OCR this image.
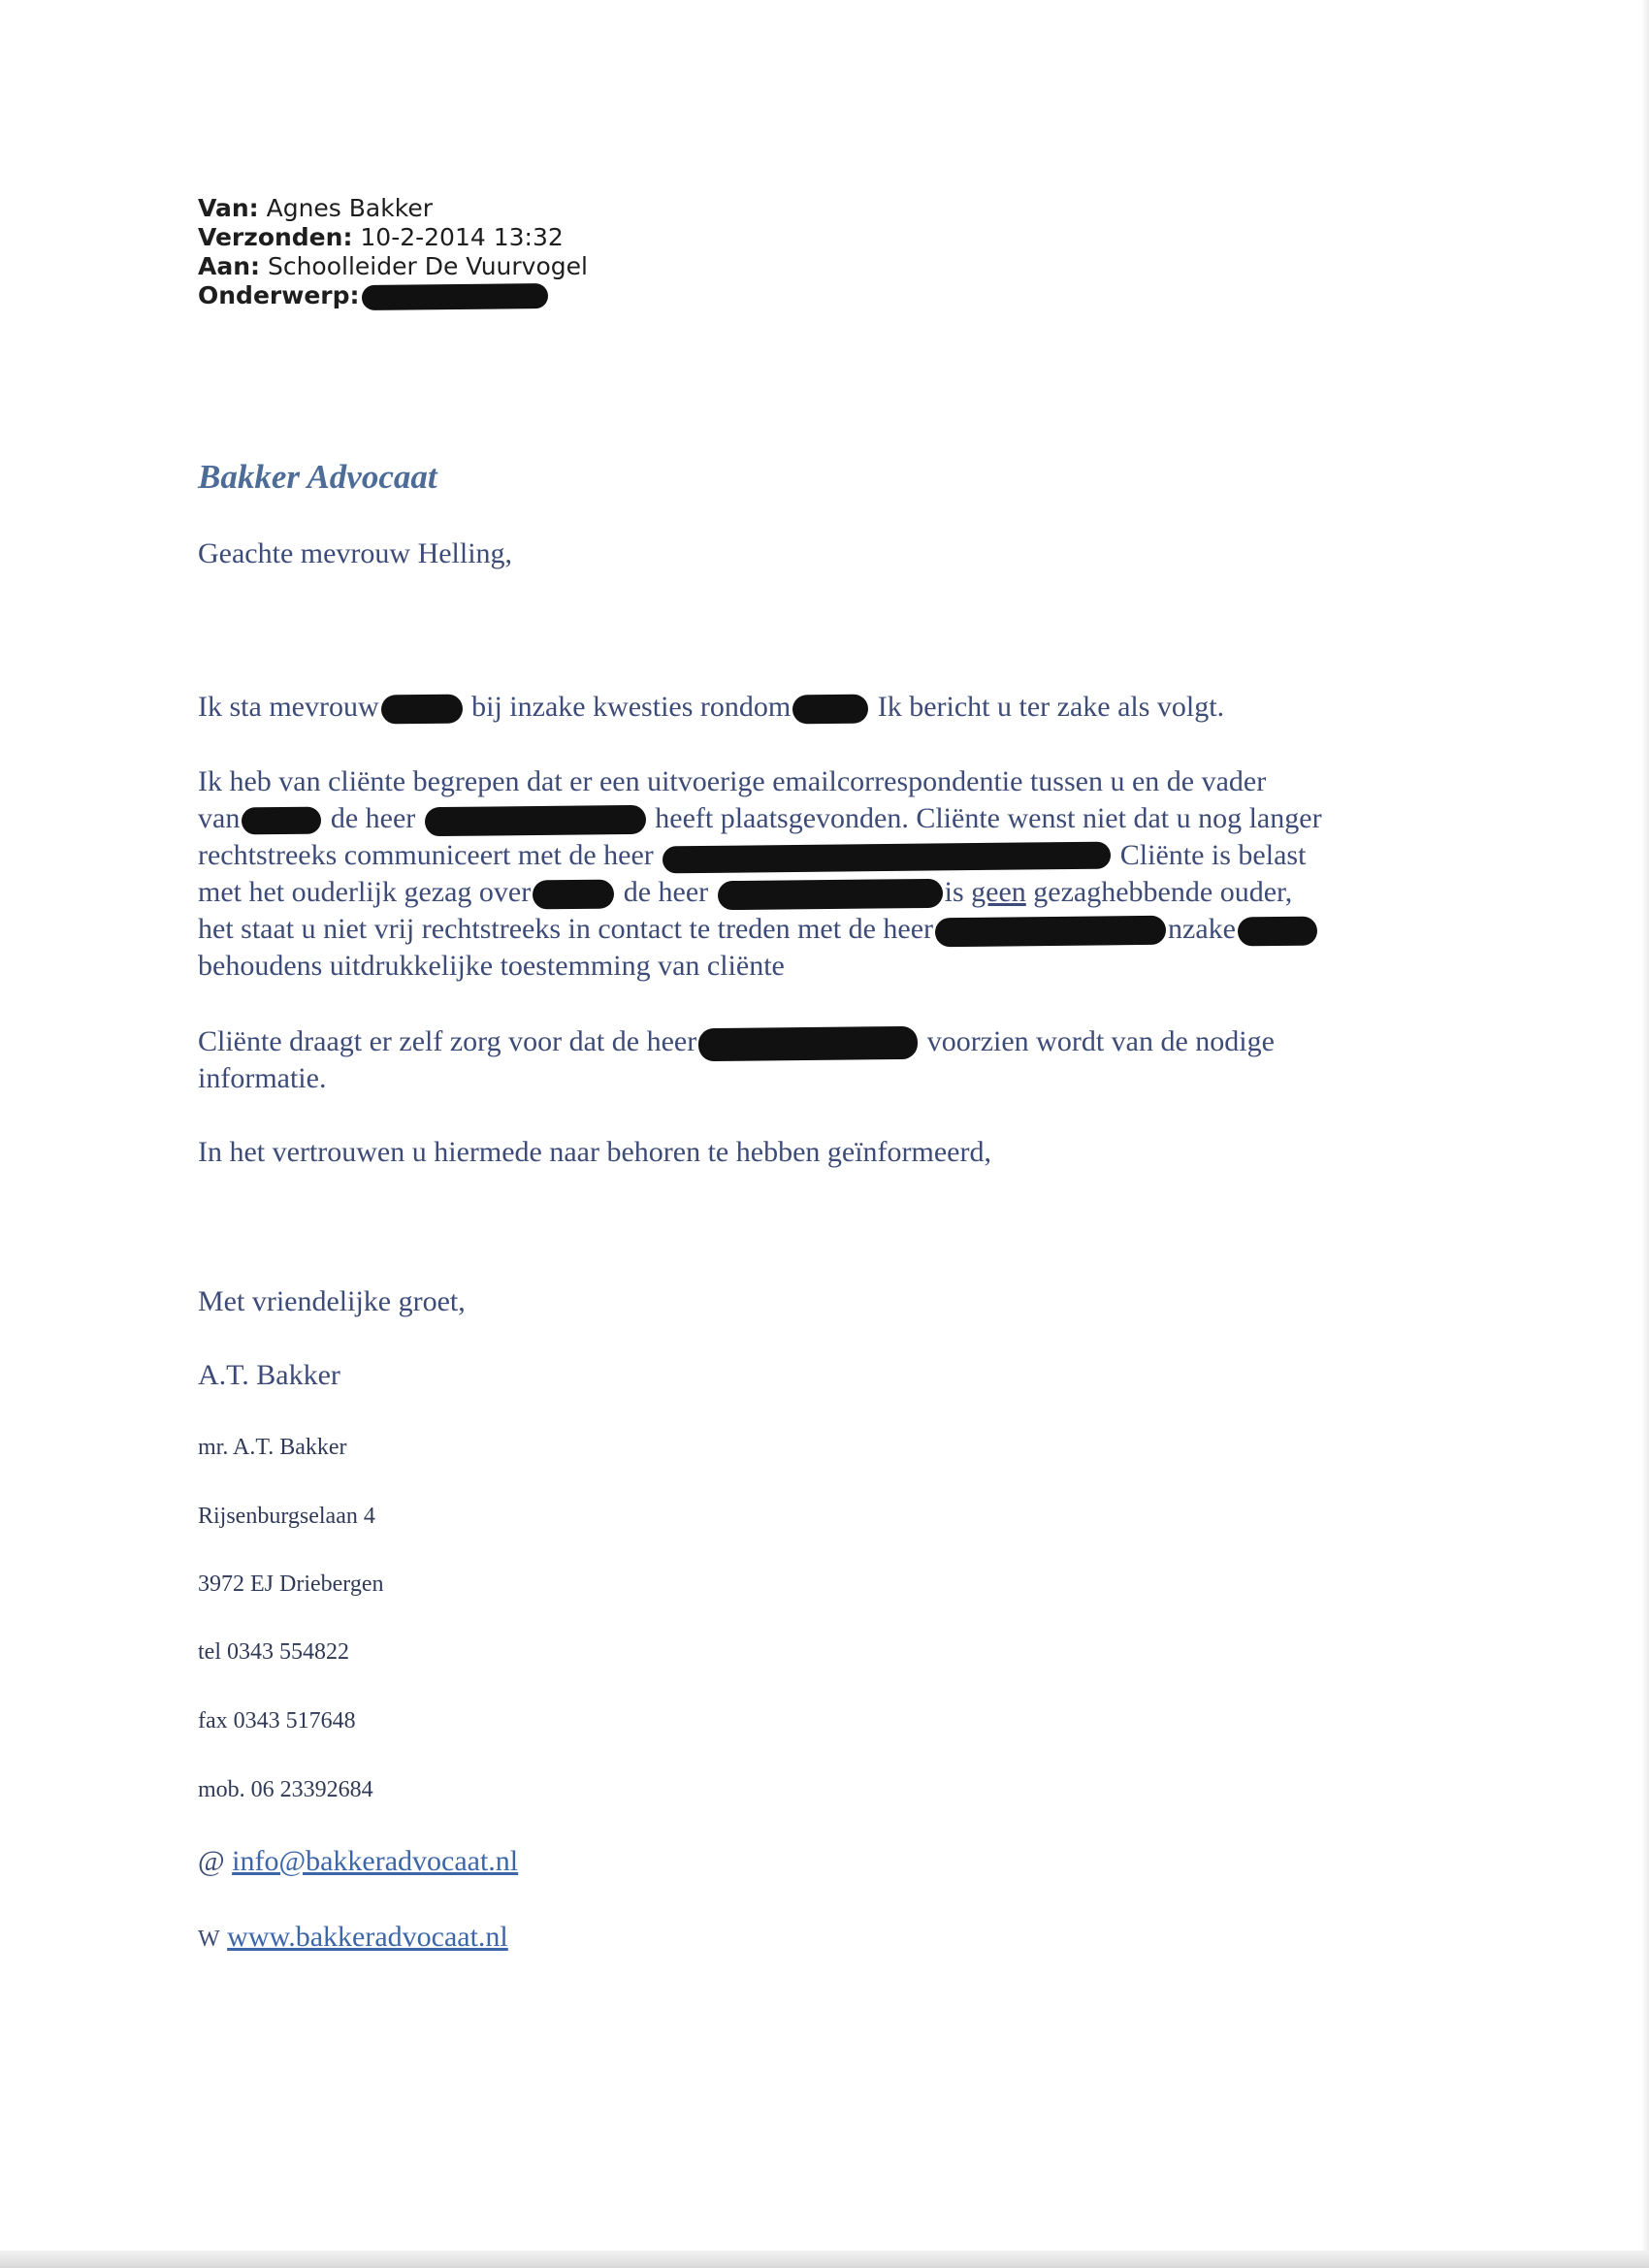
Van: Agnes Bakker
Verzonden: 10-2-2014 13:32
Aan: Schoolleider De Vuurvogel
Onderwerp:
Bakker Advocaat
Geachte mevrouw Helling,
Ik sta mevrouw	bij inzake kwesties rondom	Ik bericht u ter zake als volgt.
Ik heb van cliënte begrepen dat er een uitvoerige emailcorrespondentie tussen u en de vader
van	de heer	heeft plaatsgevonden. Cliënte wenst niet dat u nog langer
rechtstreeks communiceert met de heer	Cliënte is belast
met het ouderlijk gezag over	de heer	is geen gezaghebbende ouder,
het staat u niet vrij rechtstreeks in contact te treden met de heer	nzake
behoudens uitdrukkelijke toestemming van cliënte
Cliënte draagt er zelf zorg voor dat de heer	voorzien wordt van de nodige
informatie.
In het vertrouwen u hiermede naar behoren te hebben geïnformeerd,
Met vriendelijke groet,
A.T. Bakker
mr. A.T. Bakker
Rijsenburgselaan 4
3972 EJ Driebergen
tel 0343 554822
fax 0343 517648
mob. 06 23392684
@ info@bakkeradvocaat.nl
W www.bakkeradvocaat.nl
